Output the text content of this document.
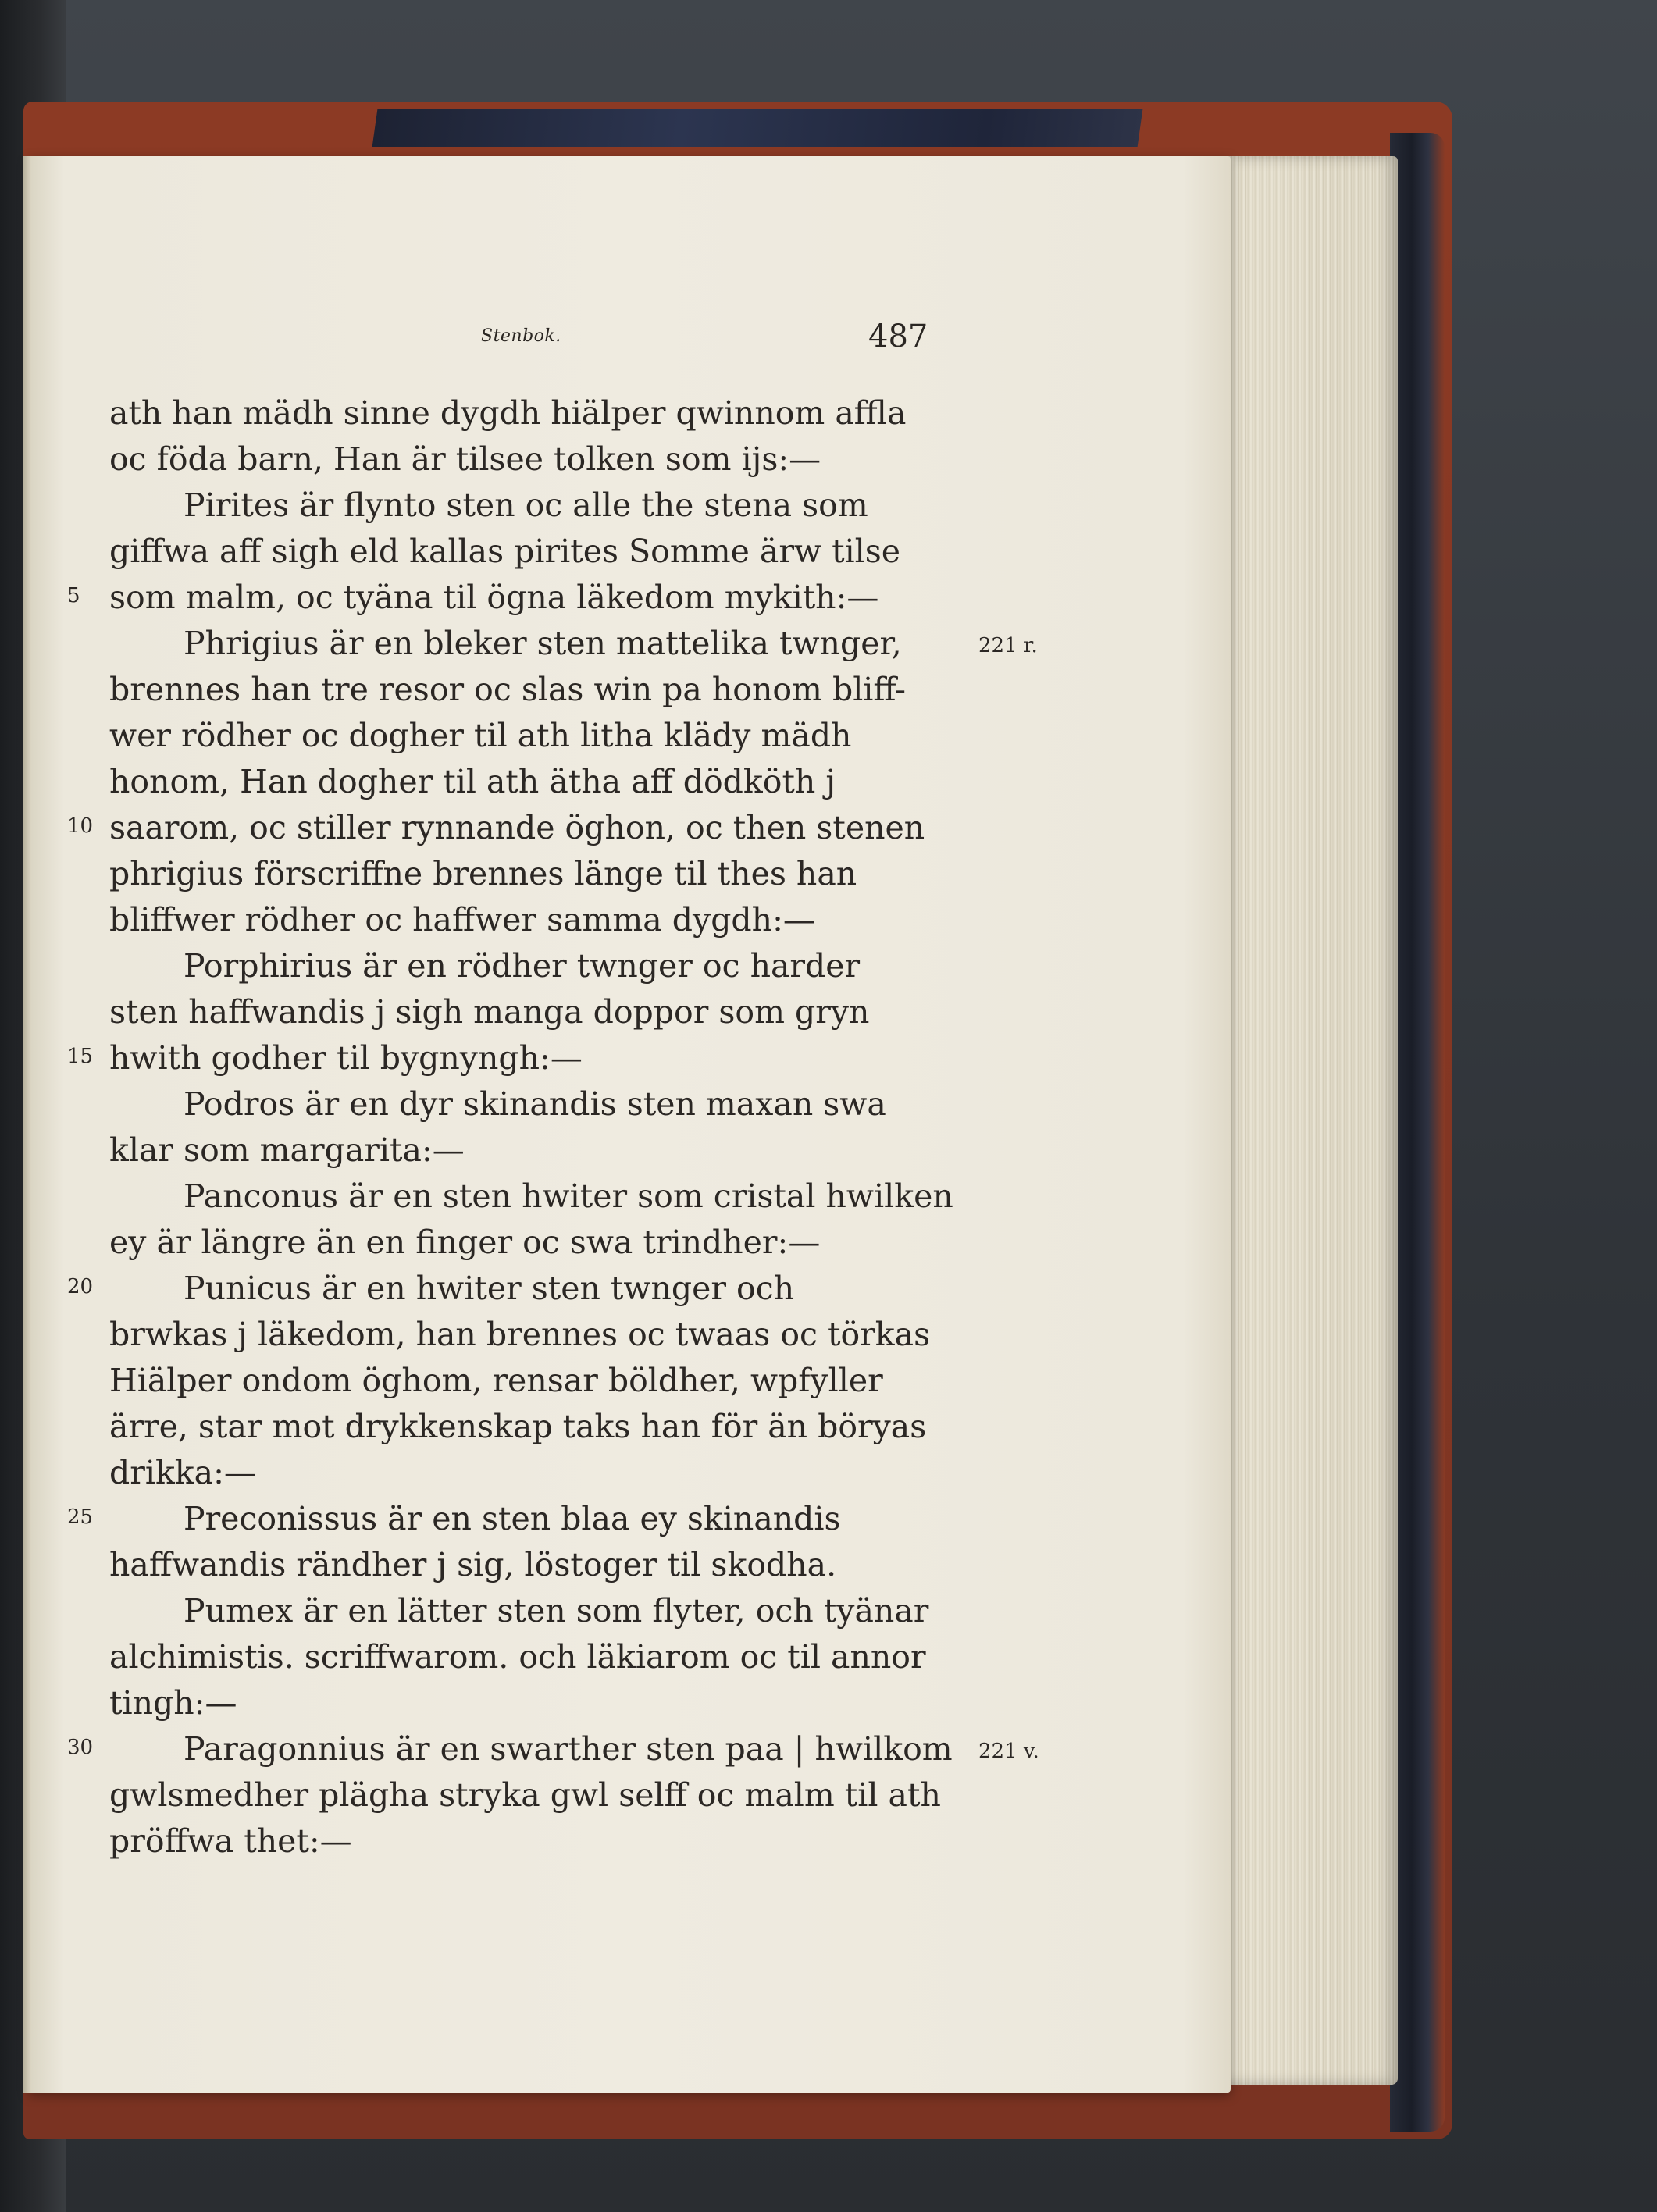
Stenbok.	487
ath han mädh sinne dygdh hiälper qwinnom affla
oc föda barn, Han är tilsee tolken som ijs:—
Pirites är flynto sten oc alle the stena som
giffwa aff sigh eld kallas pirites Somme ärw tilse
som malm, oc tyäna til ögna läkedom mykith:—
Phrigius är en bleker sten mattelika twnger,
brennes han tre resor oc slas win pa honom bliff-
wer rödher oc dogher til ath litha klädy mädh
honom, Han dogher til ath ätha aff dödköth j
saarom, oc stiller rynnande öghon, oc then stenen
phrigius förscriffne brennes länge til thes han
bliffwer rödher oc haffwer samma dygdh:—
Porphirius är en rödher twnger oc harder
sten haffwandis j sigh manga doppor som gryn
hwith godher til bygnyngh:—
Podros är en dyr skinandis sten maxan swa
klar som margarita:—
Panconus är en sten hwiter som cristal hwilken
ey är längre än en finger oc swa trindher:—
Punicus är en hwiter sten twnger och
brwkas j läkedom, han brennes oc twaas oc törkas
Hiälper ondom öghom, rensar böldher, wpfyller
ärre, star mot drykkenskap taks han för än böryas
drikka:—
Preconissus är en sten blaa ey skinandis
haffwandis rändher j sig, löstoger til skodha.
Pumex är en lätter sten som flyter, och tyänar
alchimistis. scriffwarom. och läkiarom oc til annor
tingh:—
Paragonnius är en swarther sten paa | hwilkom
gwlsmedher plägha stryka gwl selff oc malm til ath
pröffwa thet:—
5
10
15
20
25
30
221 r.
221 v.
